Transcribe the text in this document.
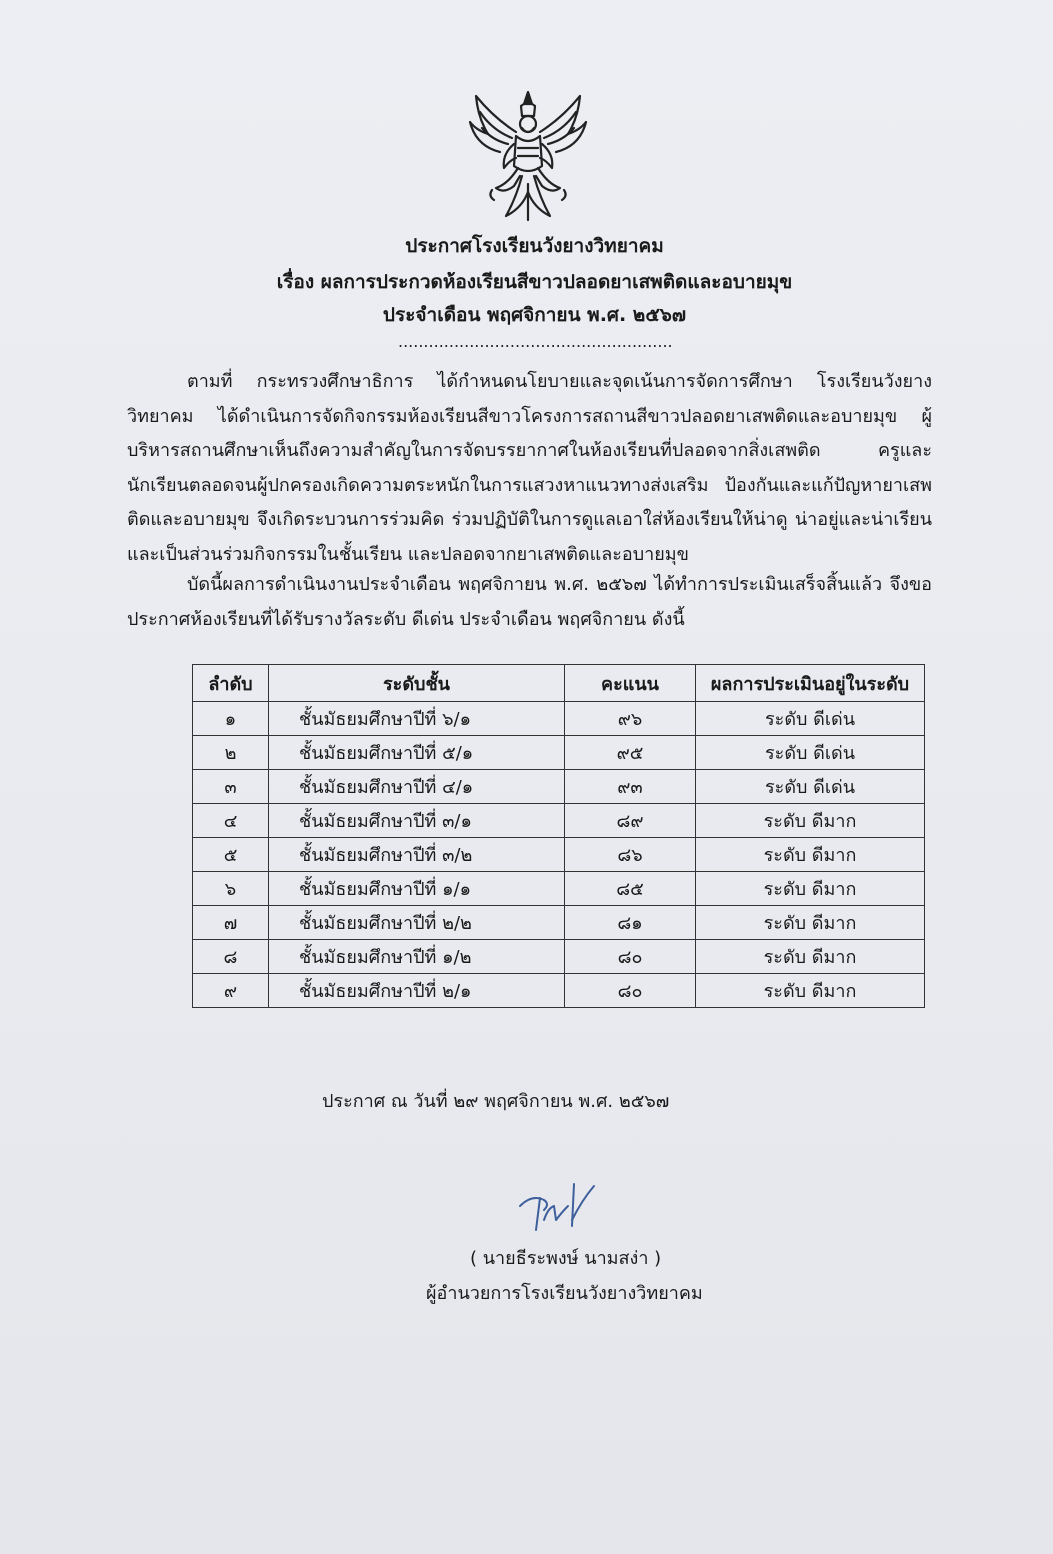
ประกาศโรงเรียนวังยางวิทยาคม
เรื่อง ผลการประกวดห้องเรียนสีขาวปลอดยาเสพติดและอบายมุข
ประจำเดือน พฤศจิกายน พ.ศ. ๒๕๖๗
......................................................
ตามที่ กระทรวงศึกษาธิการ ได้กำหนดนโยบายและจุดเน้นการจัดการศึกษา โรงเรียนวังยางวิทยาคม ได้ดำเนินการจัดกิจกรรมห้องเรียนสีขาวโครงการสถานสีขาวปลอดยาเสพติดและอบายมุข ผู้บริหารสถานศึกษาเห็นถึงความสำคัญในการจัดบรรยากาศในห้องเรียนที่ปลอดจากสิ่งเสพติด ครูและนักเรียนตลอดจนผู้ปกครองเกิดความตระหนักในการแสวงหาแนวทางส่งเสริม ป้องกันและแก้ปัญหายาเสพติดและอบายมุข จึงเกิดระบวนการร่วมคิด ร่วมปฏิบัติในการดูแลเอาใส่ห้องเรียนให้น่าดู น่าอยู่และน่าเรียนและเป็นส่วนร่วมกิจกรรมในชั้นเรียน และปลอดจากยาเสพติดและอบายมุข
บัดนี้ผลการดำเนินงานประจำเดือน พฤศจิกายน พ.ศ. ๒๕๖๗ ได้ทำการประเมินเสร็จสิ้นแล้ว จึงขอประกาศห้องเรียนที่ได้รับรางวัลระดับ ดีเด่น ประจำเดือน พฤศจิกายน ดังนี้
ลำดับ	ระดับชั้น	คะแนน	ผลการประเมินอยู่ในระดับ
๑	ชั้นมัธยมศึกษาปีที่ ๖/๑	๙๖	ระดับ ดีเด่น
๒	ชั้นมัธยมศึกษาปีที่ ๕/๑	๙๕	ระดับ ดีเด่น
๓	ชั้นมัธยมศึกษาปีที่ ๔/๑	๙๓	ระดับ ดีเด่น
๔	ชั้นมัธยมศึกษาปีที่ ๓/๑	๘๙	ระดับ ดีมาก
๕	ชั้นมัธยมศึกษาปีที่ ๓/๒	๘๖	ระดับ ดีมาก
๖	ชั้นมัธยมศึกษาปีที่ ๑/๑	๘๕	ระดับ ดีมาก
๗	ชั้นมัธยมศึกษาปีที่ ๒/๒	๘๑	ระดับ ดีมาก
๘	ชั้นมัธยมศึกษาปีที่ ๑/๒	๘๐	ระดับ ดีมาก
๙	ชั้นมัธยมศึกษาปีที่ ๒/๑	๘๐	ระดับ ดีมาก
ประกาศ ณ วันที่ ๒๙ พฤศจิกายน พ.ศ. ๒๕๖๗
( นายธีระพงษ์ นามสง่า )
ผู้อำนวยการโรงเรียนวังยางวิทยาคม
